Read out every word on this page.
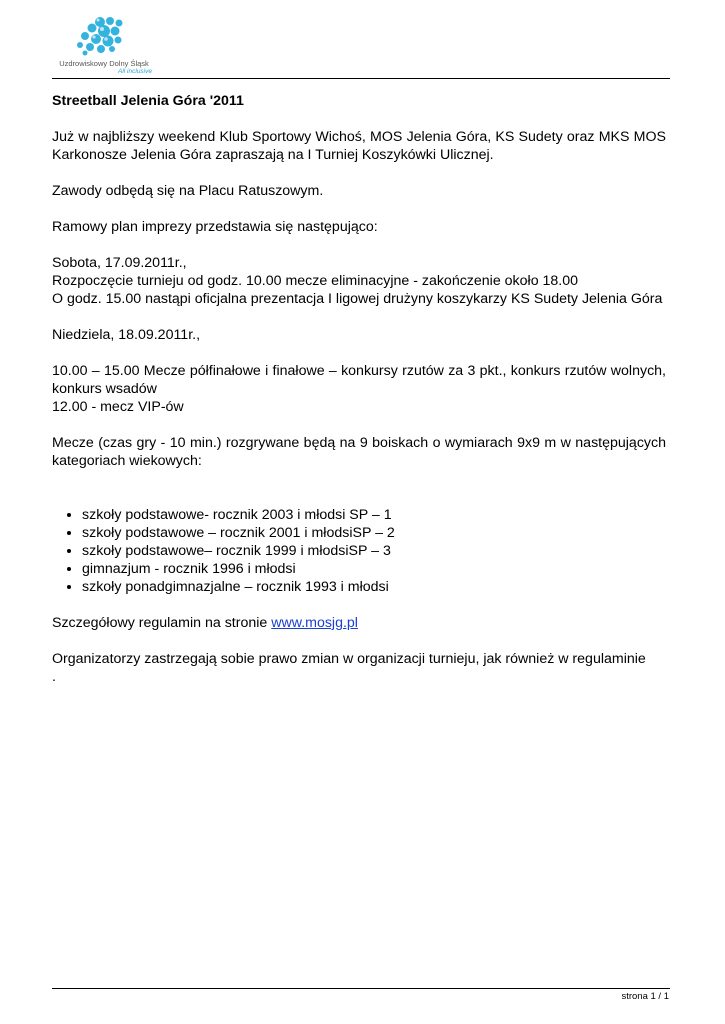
Uzdrowiskowy Dolny Śląsk
All inclusive
Streetball Jelenia Góra '2011

Już w najbliższy weekend Klub Sportowy Wichoś, MOS Jelenia Góra, KS Sudety oraz MKS MOS Karkonosze Jelenia Góra zapraszają na I Turniej Koszykówki Ulicznej.

Zawody odbędą się na Placu Ratuszowym.

Ramowy plan imprezy przedstawia się następująco:

Sobota, 17.09.2011r.,

Rozpoczęcie turnieju od godz. 10.00 mecze eliminacyjne - zakończenie około 18.00

O godz. 15.00 nastąpi oficjalna prezentacja I ligowej drużyny koszykarzy KS Sudety Jelenia Góra

Niedziela, 18.09.2011r.,

10.00 – 15.00 Mecze półfinałowe i finałowe – konkursy rzutów za 3 pkt., konkurs rzutów wolnych, konkurs wsadów

12.00 - mecz VIP-ów

Mecze (czas gry - 10 min.) rozgrywane będą na 9 boiskach o wymiarach 9x9 m w następujących kategoriach wiekowych:

• szkoły podstawowe- rocznik 2003 i młodsi SP – 1
• szkoły podstawowe – rocznik 2001 i młodsiSP – 2
• szkoły podstawowe– rocznik 1999 i młodsiSP – 3
• gimnazjum - rocznik 1996 i młodsi
• szkoły ponadgimnazjalne – rocznik 1993 i młodsi

Szczegółowy regulamin na stronie www.mosjg.pl

Organizatorzy zastrzegają sobie prawo zmian w organizacji turnieju, jak również w regulaminie

.

strona 1 / 1
